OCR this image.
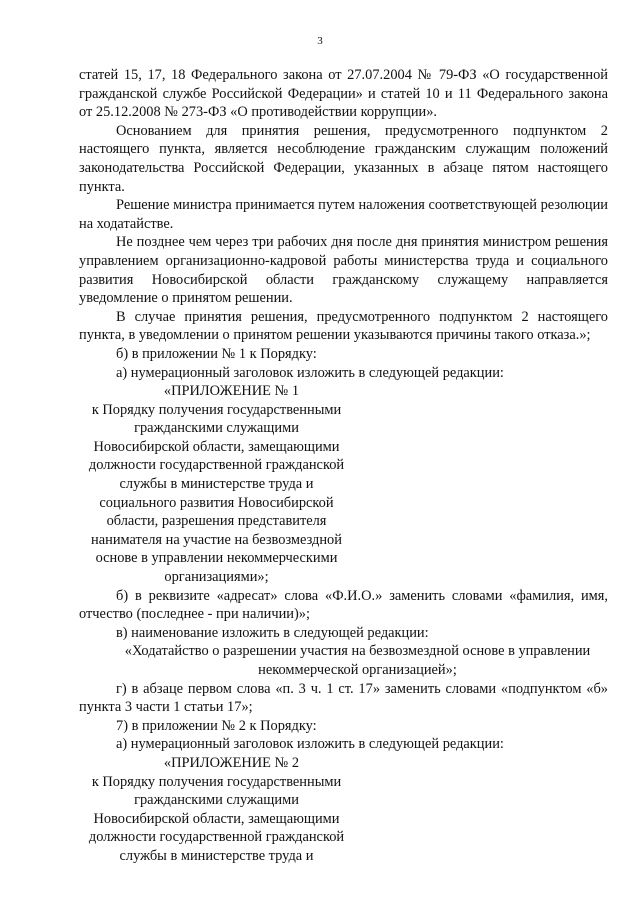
3

статей 15, 17, 18 Федерального закона от 27.07.2004 № 79-ФЗ «О государственной гражданской службе Российской Федерации» и статей 10 и 11 Федерального закона от 25.12.2008 № 273-ФЗ «О противодействии коррупции».

Основанием для принятия решения, предусмотренного подпунктом 2 настоящего пункта, является несоблюдение гражданским служащим положений законодательства Российской Федерации, указанных в абзаце пятом настоящего пункта.

Решение министра принимается путем наложения соответствующей резолюции на ходатайстве.

Не позднее чем через три рабочих дня после дня принятия министром решения управлением организационно-кадровой работы министерства труда и социального развития Новосибирской области гражданскому служащему направляется уведомление о принятом решении.

В случае принятия решения, предусмотренного подпунктом 2 настоящего пункта, в уведомлении о принятом решении указываются причины такого отказа.»;

б) в приложении № 1 к Порядку:

а) нумерационный заголовок изложить в следующей редакции:

«ПРИЛОЖЕНИЕ № 1
к Порядку получения государственными
гражданскими служащими
Новосибирской области, замещающими
должности государственной гражданской
службы в министерстве труда и
социального развития Новосибирской
области, разрешения представителя
нанимателя на участие на безвозмездной
основе в управлении некоммерческими
организациями»;

б) в реквизите «адресат» слова «Ф.И.О.» заменить словами «фамилия, имя, отчество (последнее - при наличии)»;

в) наименование изложить в следующей редакции:

«Ходатайство о разрешении участия на безвозмездной основе в управлении

некоммерческой организацией»;

г) в абзаце первом слова «п. 3 ч. 1 ст. 17» заменить словами «подпунктом «б» пункта 3 части 1 статьи 17»;

7) в приложении № 2 к Порядку:

а) нумерационный заголовок изложить в следующей редакции:

«ПРИЛОЖЕНИЕ № 2
к Порядку получения государственными
гражданскими служащими
Новосибирской области, замещающими
должности государственной гражданской
службы в министерстве труда и
